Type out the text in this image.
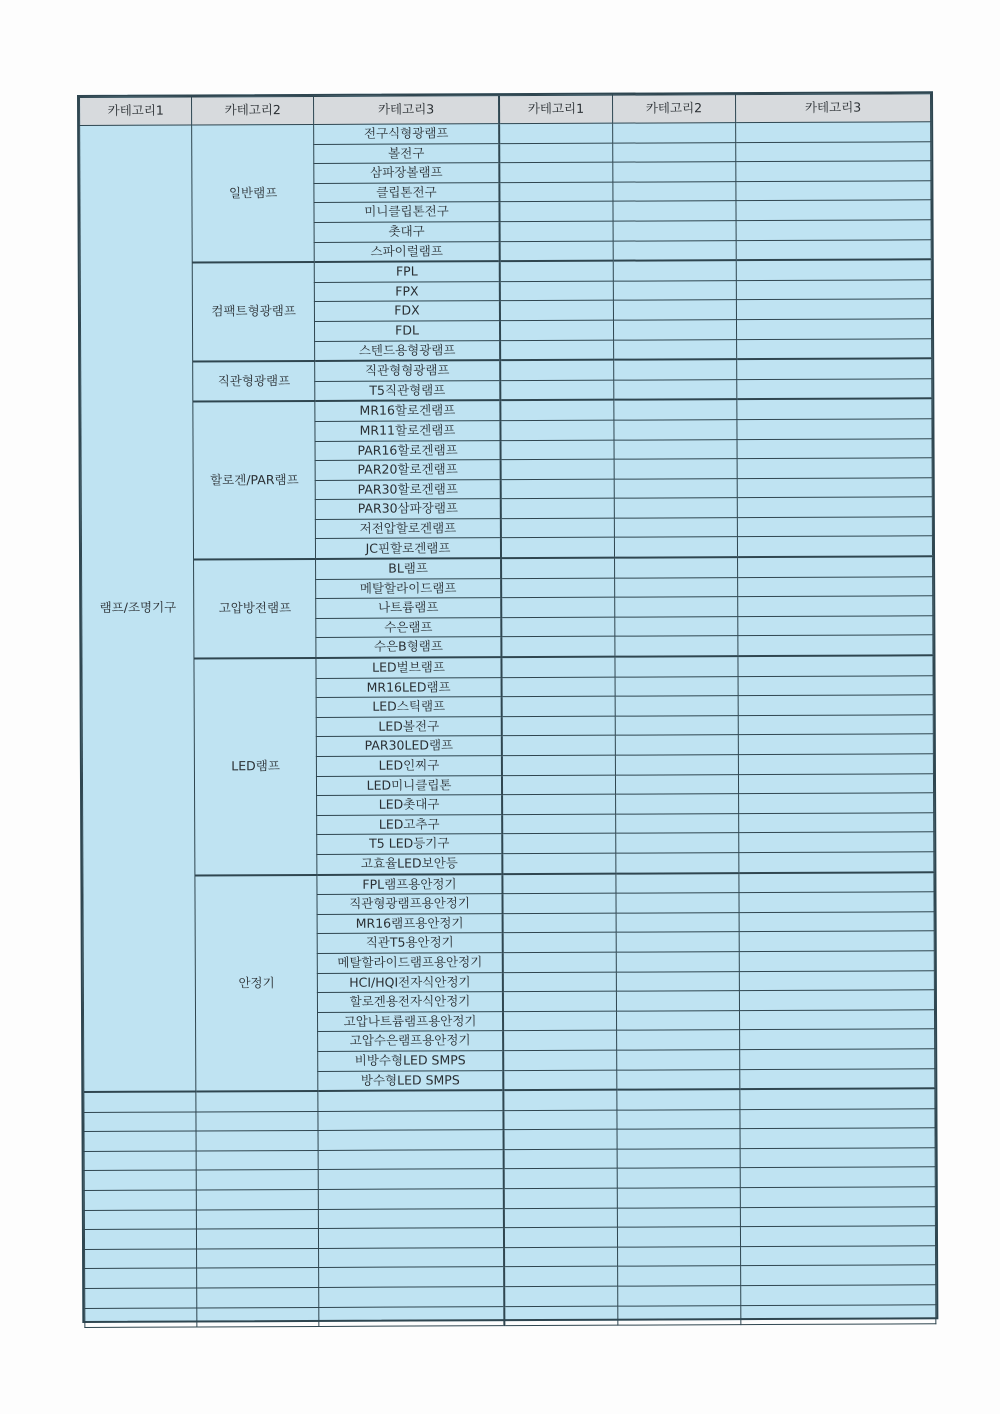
카테고리1	카테고리2	카테고리3	카테고리1	카테고리2	카테고리3
램프/조명기구	일반램프	전구식형광램프			
		볼전구			
		삼파장볼램프			
		클립톤전구			
		미니클립톤전구			
		촛대구			
		스파이럴램프			
	컴팩트형광램프	FPL			
		FPX			
		FDX			
		FDL			
		스텐드용형광램프			
	직관형광램프	직관형형광램프			
		T5직관형램프			
	할로겐/PAR램프	MR16할로겐램프			
		MR11할로겐램프			
		PAR16할로겐램프			
		PAR20할로겐램프			
		PAR30할로겐램프			
		PAR30삼파장램프			
		저전압할로겐램프			
		JC핀할로겐램프			
	고압방전램프	BL램프			
		메탈할라이드램프			
		나트륨램프			
		수은램프			
		수은B형램프			
	LED램프	LED벌브램프			
		MR16LED램프			
		LED스틱램프			
		LED볼전구			
		PAR30LED램프			
		LED인찌구			
		LED미니클립톤			
		LED촛대구			
		LED고추구			
		T5 LED등기구			
		고효율LED보안등			
	안정기	FPL램프용안정기			
		직관형광램프용안정기			
		MR16램프용안정기			
		직관T5용안정기			
		메탈할라이드램프용안정기			
		HCI/HQI전자식안정기			
		할로겐용전자식안정기			
		고압나트륨램프용안정기			
		고압수은램프용안정기			
		비방수형LED SMPS			
		방수형LED SMPS			
